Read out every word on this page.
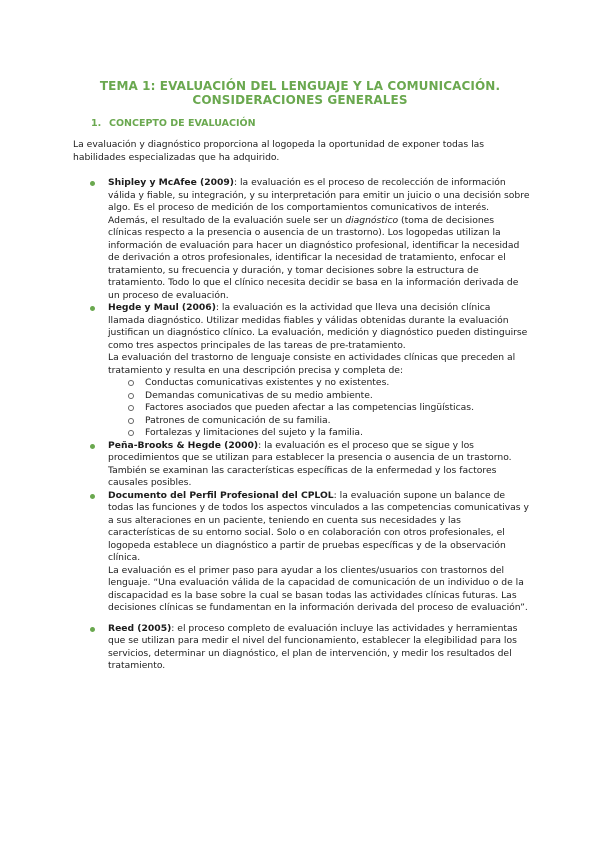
TEMA 1: EVALUACIÓN DEL LENGUAJE Y LA COMUNICACIÓN. CONSIDERACIONES GENERALES
1. CONCEPTO DE EVALUACIÓN

La evaluación y diagnóstico proporciona al logopeda la oportunidad de exponer todas las habilidades especializadas que ha adquirido.

Shipley y McAfee (2009): la evaluación es el proceso de recolección de información válida y fiable, su integración, y su interpretación para emitir un juicio o una decisión sobre algo. Es el proceso de medición de los comportamientos comunicativos de interés. Además, el resultado de la evaluación suele ser un diagnóstico (toma de decisiones clínicas respecto a la presencia o ausencia de un trastorno). Los logopedas utilizan la información de evaluación para hacer un diagnóstico profesional, identificar la necesidad de derivación a otros profesionales, identificar la necesidad de tratamiento, enfocar el tratamiento, su frecuencia y duración, y tomar decisiones sobre la estructura de tratamiento. Todo lo que el clínico necesita decidir se basa en la información derivada de un proceso de evaluación.
Hegde y Maul (2006): la evaluación es la actividad que lleva una decisión clínica llamada diagnóstico. Utilizar medidas fiables y válidas obtenidas durante la evaluación justifican un diagnóstico clínico. La evaluación, medición y diagnóstico pueden distinguirse como tres aspectos principales de las tareas de pre-tratamiento.
La evaluación del trastorno de lenguaje consiste en actividades clínicas que preceden al tratamiento y resulta en una descripción precisa y completa de:
Conductas comunicativas existentes y no existentes.
Demandas comunicativas de su medio ambiente.
Factores asociados que pueden afectar a las competencias lingüísticas.
Patrones de comunicación de su familia.
Fortalezas y limitaciones del sujeto y la familia.
Peña-Brooks & Hegde (2000): la evaluación es el proceso que se sigue y los procedimientos que se utilizan para establecer la presencia o ausencia de un trastorno. También se examinan las características específicas de la enfermedad y los factores causales posibles.
Documento del Perfil Profesional del CPLOL: la evaluación supone un balance de todas las funciones y de todos los aspectos vinculados a las competencias comunicativas y a sus alteraciones en un paciente, teniendo en cuenta sus necesidades y las características de su entorno social. Solo o en colaboración con otros profesionales, el logopeda establece un diagnóstico a partir de pruebas específicas y de la observación clínica.
La evaluación es el primer paso para ayudar a los clientes/usuarios con trastornos del lenguaje. “Una evaluación válida de la capacidad de comunicación de un individuo o de la discapacidad es la base sobre la cual se basan todas las actividades clínicas futuras. Las decisiones clínicas se fundamentan en la información derivada del proceso de evaluación”.
Reed (2005): el proceso completo de evaluación incluye las actividades y herramientas que se utilizan para medir el nivel del funcionamiento, establecer la elegibilidad para los servicios, determinar un diagnóstico, el plan de intervención, y medir los resultados del tratamiento.
